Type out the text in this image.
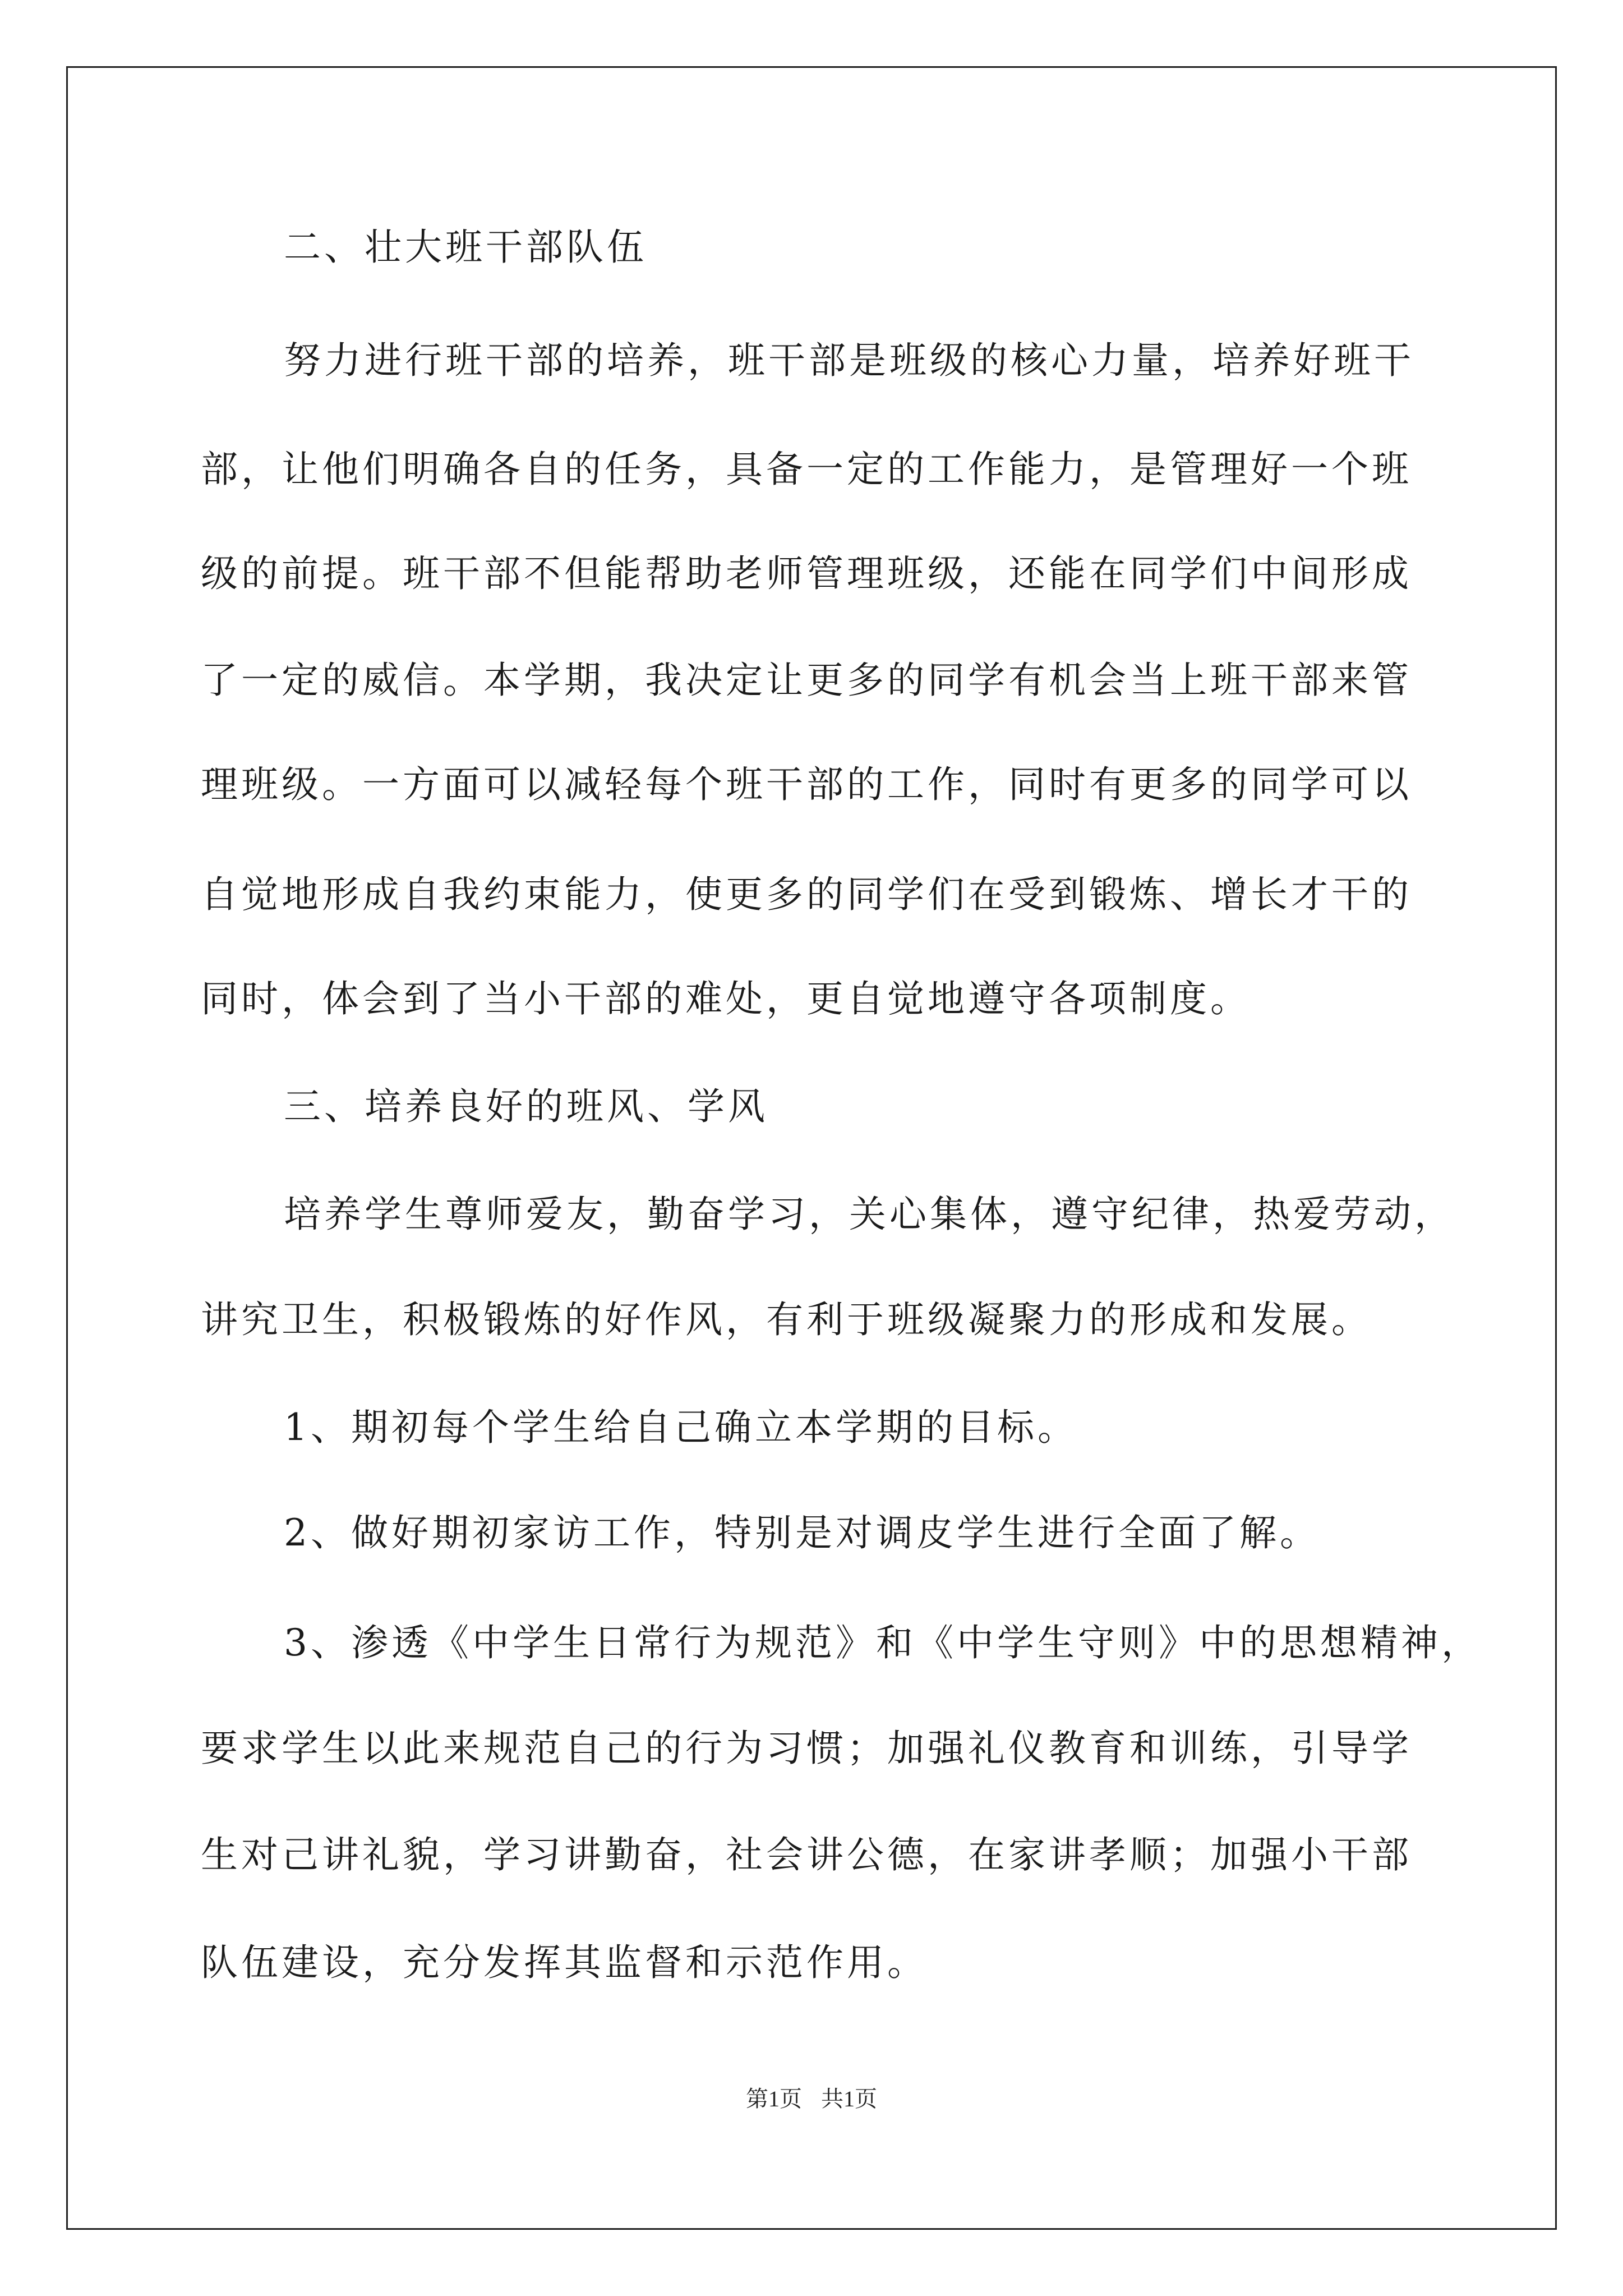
二、壮大班干部队伍
努力进行班干部的培养，班干部是班级的核心力量，培养好班干
部，让他们明确各自的任务，具备一定的工作能力，是管理好一个班
级的前提。班干部不但能帮助老师管理班级，还能在同学们中间形成
了一定的威信。本学期，我决定让更多的同学有机会当上班干部来管
理班级。一方面可以减轻每个班干部的工作，同时有更多的同学可以
自觉地形成自我约束能力，使更多的同学们在受到锻炼、增长才干的
同时，体会到了当小干部的难处，更自觉地遵守各项制度。
三、培养良好的班风、学风
培养学生尊师爱友，勤奋学习，关心集体，遵守纪律，热爱劳动，
讲究卫生，积极锻炼的好作风，有利于班级凝聚力的形成和发展。
1、期初每个学生给自己确立本学期的目标。
2、做好期初家访工作，特别是对调皮学生进行全面了解。
3、渗透《中学生日常行为规范》和《中学生守则》中的思想精神，
要求学生以此来规范自己的行为习惯；加强礼仪教育和训练，引导学
生对己讲礼貌，学习讲勤奋，社会讲公德，在家讲孝顺；加强小干部
队伍建设，充分发挥其监督和示范作用。
第1页 共1页
